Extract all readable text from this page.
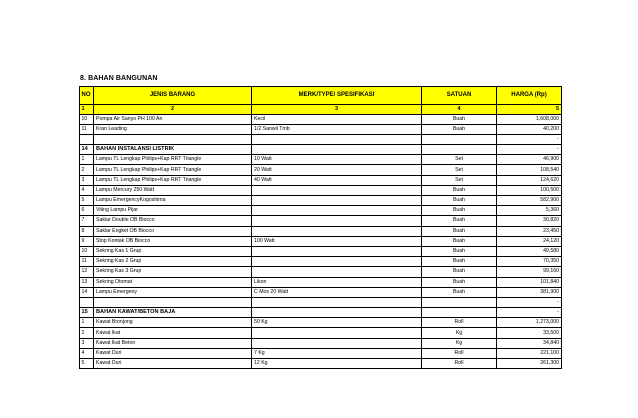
8. BAHAN BANGUNAN
NO	JENIS BARANG	MERK/TYPE/ SPESIFIKASI	SATUAN	HARGA (Rp)
1	2	3	4	5
10	Pompa Air Sanyo PH 100 An	Kecil	Buah	1,608,000
11	Kran Leading	1/2 Sanwil Tmb	Buah	40,200
				-
14	BAHAN INSTALANSI LISTRIK			-
1	Lampu TL Lengkap Philips+Kap RRT Triangle	10 Watt	Set	46,900
2	Lampu TL Lengkap Philips+Kap RRT Triangle	20 Watt	Set	108,540
3	Lampu TL Lengkap Philips+Kap RRT Triangle	40 Watt	Set	124,620
4	Lampu Mercury 250 Watt		Buah	100,500
5	Lampu EmergencyKogoshima		Buah	582,900
6	Viting Lampu Pijar		Buah	5,360
7	Saklar Double OB Biocco		Buah	30,820
8	Saklar Engkel OB Biocco		Buah	23,450
9	Stop Kontak OB Biocco	100 Watt	Buah	24,120
10	Sekring Kas 1 Grup		Buah	49,580
11	Sekring Kas 2 Grup		Buah	70,350
12	Sekring Kas 3 Grup		Buah	99,160
13	Sekring Otomat	Likon	Buah	101,840
14	Lampu Emergeny	C Mos 20 Watt	Buah	381,900
				-
15	BAHAN KAWAT/BETON BAJA			-
1	Kawat Bronjong	50 Kg	Roll	1,273,000
2	Kawat Ikat		Kg	33,500
3	Kawat Ikat Beton		Kg	34,840
4	Kawat Duri	7 Kg	Roll	221,100
5	Kawat Duri	12 Kg	Roll	261,300
